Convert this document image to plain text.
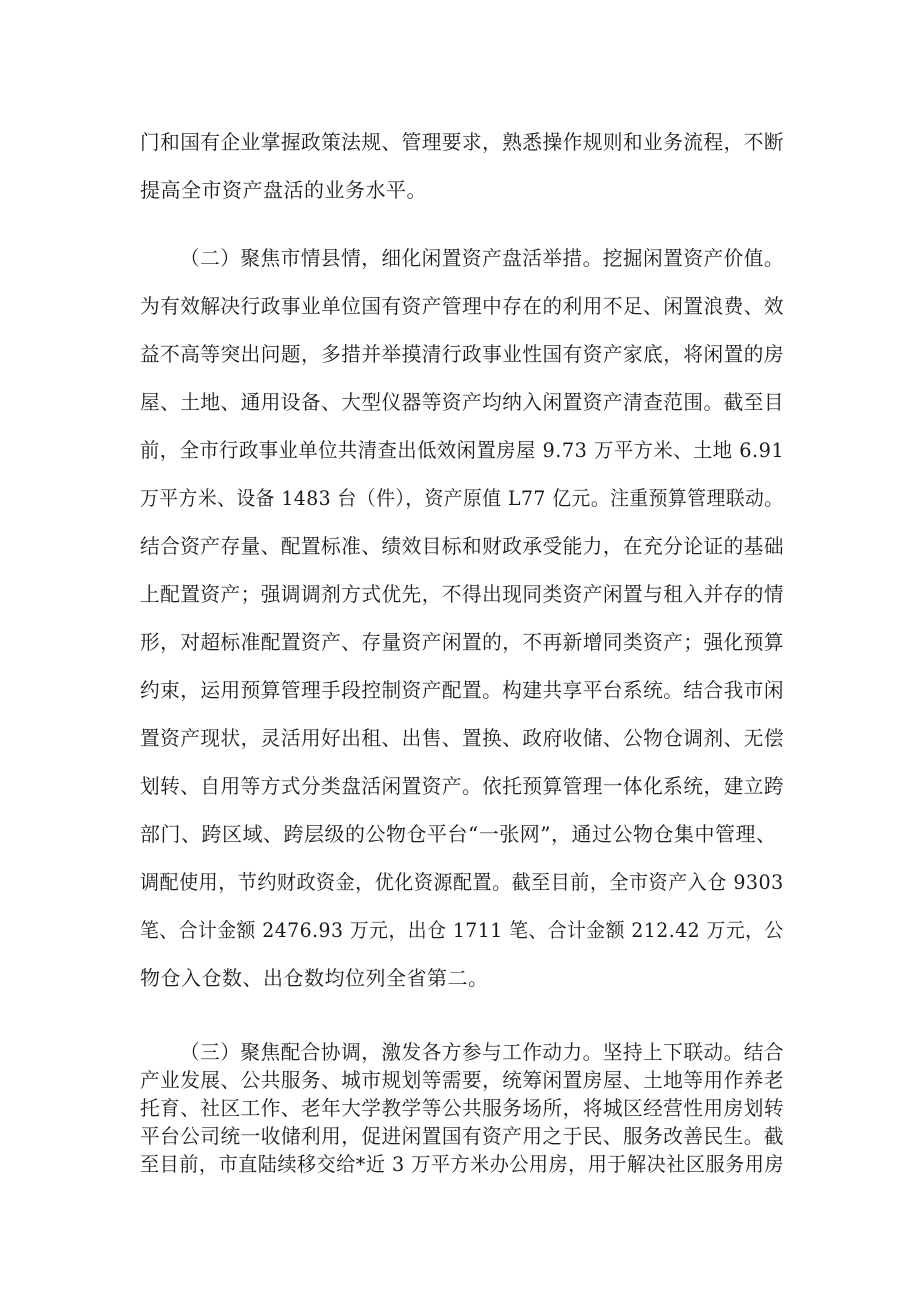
门和国有企业掌握政策法规、管理要求，熟悉操作规则和业务流程，不断
提高全市资产盘活的业务水平。
（二）聚焦市情县情，细化闲置资产盘活举措。挖掘闲置资产价值。
为有效解决行政事业单位国有资产管理中存在的利用不足、闲置浪费、效
益不高等突出问题，多措并举摸清行政事业性国有资产家底，将闲置的房
屋、土地、通用设备、大型仪器等资产均纳入闲置资产清查范围。截至目
前，全市行政事业单位共清查出低效闲置房屋 9.73 万平方米、土地 6.91
万平方米、设备 1483 台（件），资产原值 L77 亿元。注重预算管理联动。
结合资产存量、配置标准、绩效目标和财政承受能力，在充分论证的基础
上配置资产；强调调剂方式优先，不得出现同类资产闲置与租入并存的情
形，对超标准配置资产、存量资产闲置的，不再新增同类资产；强化预算
约束，运用预算管理手段控制资产配置。构建共享平台系统。结合我市闲
置资产现状，灵活用好出租、出售、置换、政府收储、公物仓调剂、无偿
划转、自用等方式分类盘活闲置资产。依托预算管理一体化系统，建立跨
部门、跨区域、跨层级的公物仓平台“一张网”，通过公物仓集中管理、
调配使用，节约财政资金，优化资源配置。截至目前，全市资产入仓 9303
笔、合计金额 2476.93 万元，出仓 1711 笔、合计金额 212.42 万元，公
物仓入仓数、出仓数均位列全省第二。
（三）聚焦配合协调，激发各方参与工作动力。坚持上下联动。结合
产业发展、公共服务、城市规划等需要，统筹闲置房屋、土地等用作养老
托育、社区工作、老年大学教学等公共服务场所，将城区经营性用房划转
平台公司统一收储利用，促进闲置国有资产用之于民、服务改善民生。截
至目前，市直陆续移交给*近 3 万平方米办公用房，用于解决社区服务用房
